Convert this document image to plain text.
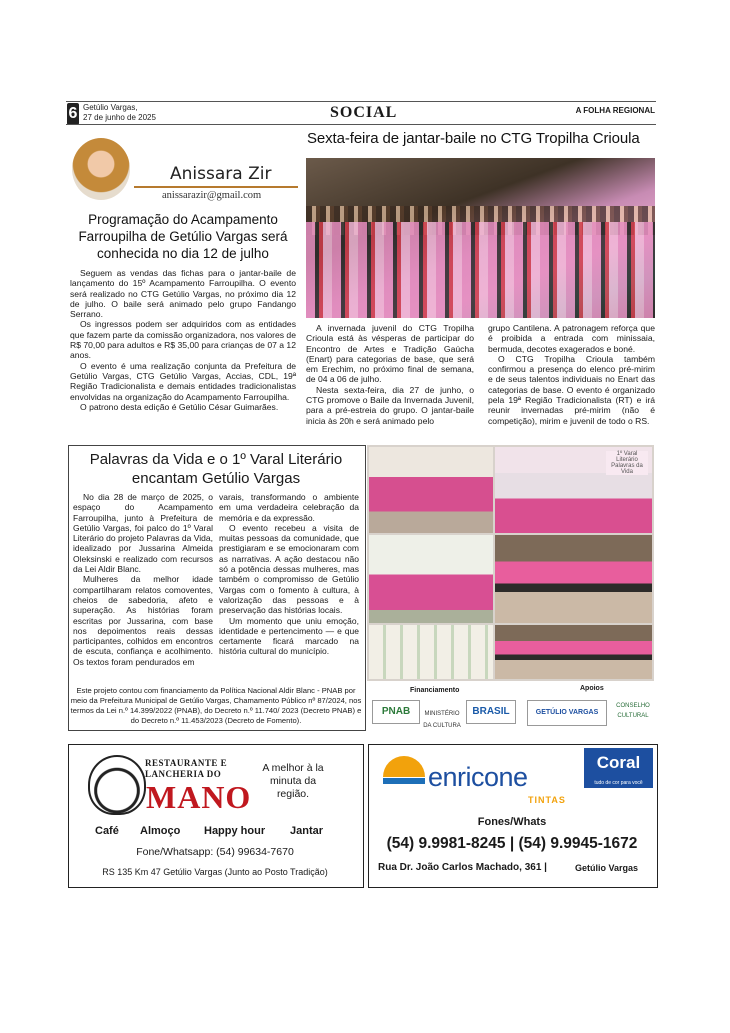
6 Getúlio Vargas,
27 de junho de 2025	SOCIAL	A FOLHA REGIONAL
Anissara Zir
anissarazir@gmail.com
Programação do Acampamento Farroupilha de Getúlio Vargas será conhecida no dia 12 de julho

Seguem as vendas das fichas para o jantar-baile de lançamento do 15º Acampamento Farroupilha. O evento será realizado no CTG Getúlio Vargas, no próximo dia 12 de julho. O baile será animado pelo grupo Fandango Serrano.

Os ingressos podem ser adquiridos com as entidades que fazem parte da comissão organizadora, nos valores de R$ 70,00 para adultos e R$ 35,00 para crianças de 07 a 12 anos.

O evento é uma realização conjunta da Prefeitura de Getúlio Vargas, CTG Getúlio Vargas, Accias, CDL, 19ª Região Tradicionalista e demais entidades tradicionalistas envolvidas na organização do Acampamento Farroupilha.

O patrono desta edição é Getúlio César Guimarães.

Sexta-feira de jantar-baile no CTG Tropilha Crioula

A invernada juvenil do CTG Tropilha Crioula está às vésperas de participar do Encontro de Artes e Tradição Gaúcha (Enart) para categorias de base, que será em Erechim, no próximo final de semana, de 04 a 06 de julho.

Nesta sexta-feira, dia 27 de junho, o CTG promove o Baile da Invernada Juvenil, para a pré-estreia do grupo. O jantar-baile inicia às 20h e será animado pelo

grupo Cantilena. A patronagem reforça que é proibida a entrada com minissaia, bermuda, decotes exagerados e boné.

O CTG Tropilha Crioula também confirmou a presença do elenco pré-mirim e de seus talentos individuais no Enart das categorias de base. O evento é organizado pela 19ª Região Tradicionalista (RT) e irá reunir invernadas pré-mirim (não é competição), mirim e juvenil de todo o RS.

Palavras da Vida e o 1º Varal Literário encantam Getúlio Vargas

No dia 28 de março de 2025, o espaço do Acampamento Farroupilha, junto à Prefeitura de Getúlio Vargas, foi palco do 1º Varal Literário do projeto Palavras da Vida, idealizado por Jussarina Almeida Oleksinski e realizado com recursos da Lei Aldir Blanc.

Mulheres da melhor idade compartilharam relatos comoventes, cheios de sabedoria, afeto e superação. As histórias foram escritas por Jussarina, com base nos depoimentos reais dessas participantes, colhidos em encontros de escuta, confiança e acolhimento. Os textos foram pendurados em

varais, transformando o ambiente em uma verdadeira celebração da memória e da expressão.

O evento recebeu a visita de muitas pessoas da comunidade, que prestigiaram e se emocionaram com as narrativas. A ação destacou não só a potência dessas mulheres, mas também o compromisso de Getúlio Vargas com o fomento à cultura, à valorização das pessoas e à preservação das histórias locais.

Um momento que uniu emoção, identidade e pertencimento — e que certamente ficará marcado na história cultural do município.

Este projeto contou com financiamento da Política Nacional Aldir Blanc - PNAB por meio da Prefeitura Municipal de Getúlio Vargas, Chamamento Público nº 87/2024, nos termos da Lei n.º 14.399/2022 (PNAB), do Decreto n.º 11.740/ 2023 (Decreto PNAB) e do Decreto n.º 11.453/2023 (Decreto de Fomento).
1º Varal Literário Palavras da Vida
Financiamento	Apoios
PNAB	MINISTÉRIO DA CULTURA
BRASIL	GETÚLIO VARGAS
CONSELHO CULTURAL
RESTAURANTE E
LANCHERIA DO
MANO
A melhor à la minuta da região.
Café Almoço Happy hour Jantar
Fone/Whatsapp: (54) 99634-7670
RS 135 Km 47 Getúlio Vargas (Junto ao Posto Tradição)
enricone
TINTAS
Coral
tudo de cor para você
Fones/Whats
(54) 9.9981-8245 | (54) 9.9945-1672
Rua Dr. João Carlos Machado, 361 |	Getúlio Vargas
